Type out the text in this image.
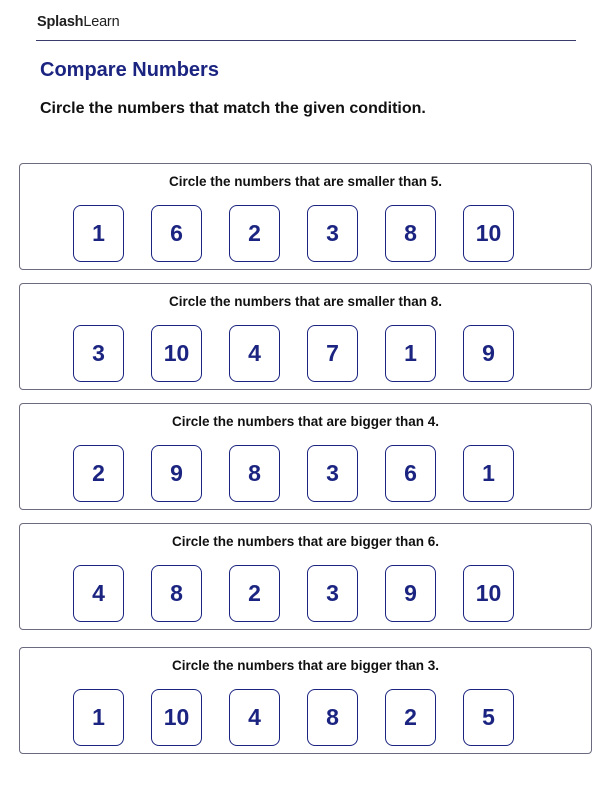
SplashLearn
Compare Numbers
Circle the numbers that match the given condition.
Circle the numbers that are smaller than 5.
1	6	2	3	8	10
Circle the numbers that are smaller than 8.
3	10	4	7	1	9
Circle the numbers that are bigger than 4.
2	9	8	3	6	1
Circle the numbers that are bigger than 6.
4	8	2	3	9	10
Circle the numbers that are bigger than 3.
1	10	4	8	2	5
